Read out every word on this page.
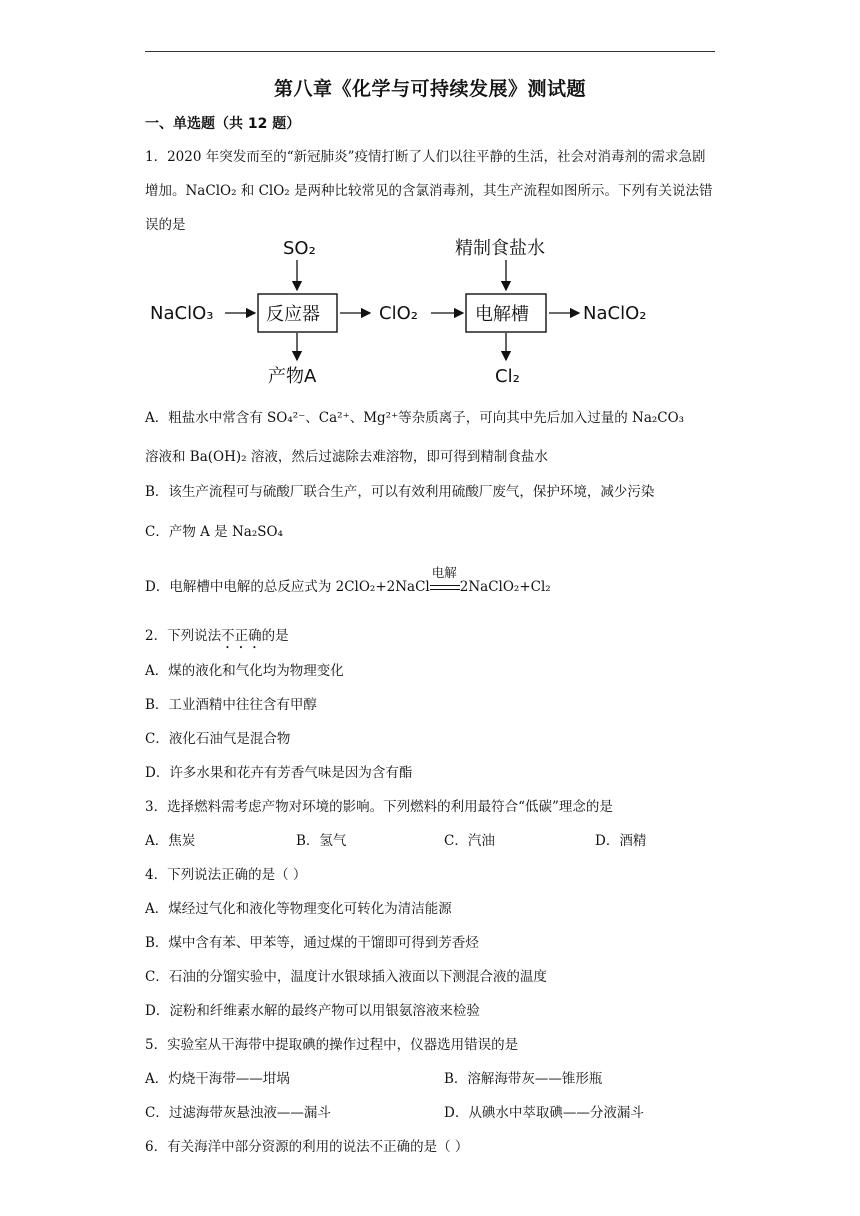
第八章《化学与可持续发展》测试题
一、单选题（共 12 题）
1．2020 年突发而至的“新冠肺炎”疫情打断了人们以往平静的生活，社会对消毒剂的需求急剧增加。NaClO₂ 和 ClO₂ 是两种比较常见的含氯消毒剂，其生产流程如图所示。下列有关说法错误的是
NaClO₃	反应器
SO₂
产物A
ClO₂	电解槽
精制食盐水
Cl₂
NaClO₂
A．粗盐水中常含有 SO₄²⁻、Ca²⁺、Mg²⁺等杂质离子，可向其中先后加入过量的 Na₂CO₃
溶液和 Ba(OH)₂ 溶液，然后过滤除去难溶物，即可得到精制食盐水
B．该生产流程可与硫酸厂联合生产，可以有效利用硫酸厂废气，保护环境，减少污染
C．产物 A 是 Na₂SO₄
D．电解槽中电解的总反应式为 2ClO₂+2NaCl
电解
2NaClO₂+Cl₂
2．下列说法不正确的是
A．煤的液化和气化均为物理变化
B．工业酒精中往往含有甲醇
C．液化石油气是混合物
D．许多水果和花卉有芳香气味是因为含有酯
3．选择燃料需考虑产物对环境的影响。下列燃料的利用最符合“低碳”理念的是
A．焦炭	B．氢气	C．汽油	D．酒精
4．下列说法正确的是（ ）
A．煤经过气化和液化等物理变化可转化为清洁能源
B．煤中含有苯、甲苯等，通过煤的干馏即可得到芳香烃
C．石油的分馏实验中，温度计水银球插入液面以下测混合液的温度
D．淀粉和纤维素水解的最终产物可以用银氨溶液来检验
5．实验室从干海带中提取碘的操作过程中，仪器选用错误的是
A．灼烧干海带——坩埚	B．溶解海带灰——锥形瓶
C．过滤海带灰悬浊液——漏斗	D．从碘水中萃取碘——分液漏斗
6．有关海洋中部分资源的利用的说法不正确的是（ ）
